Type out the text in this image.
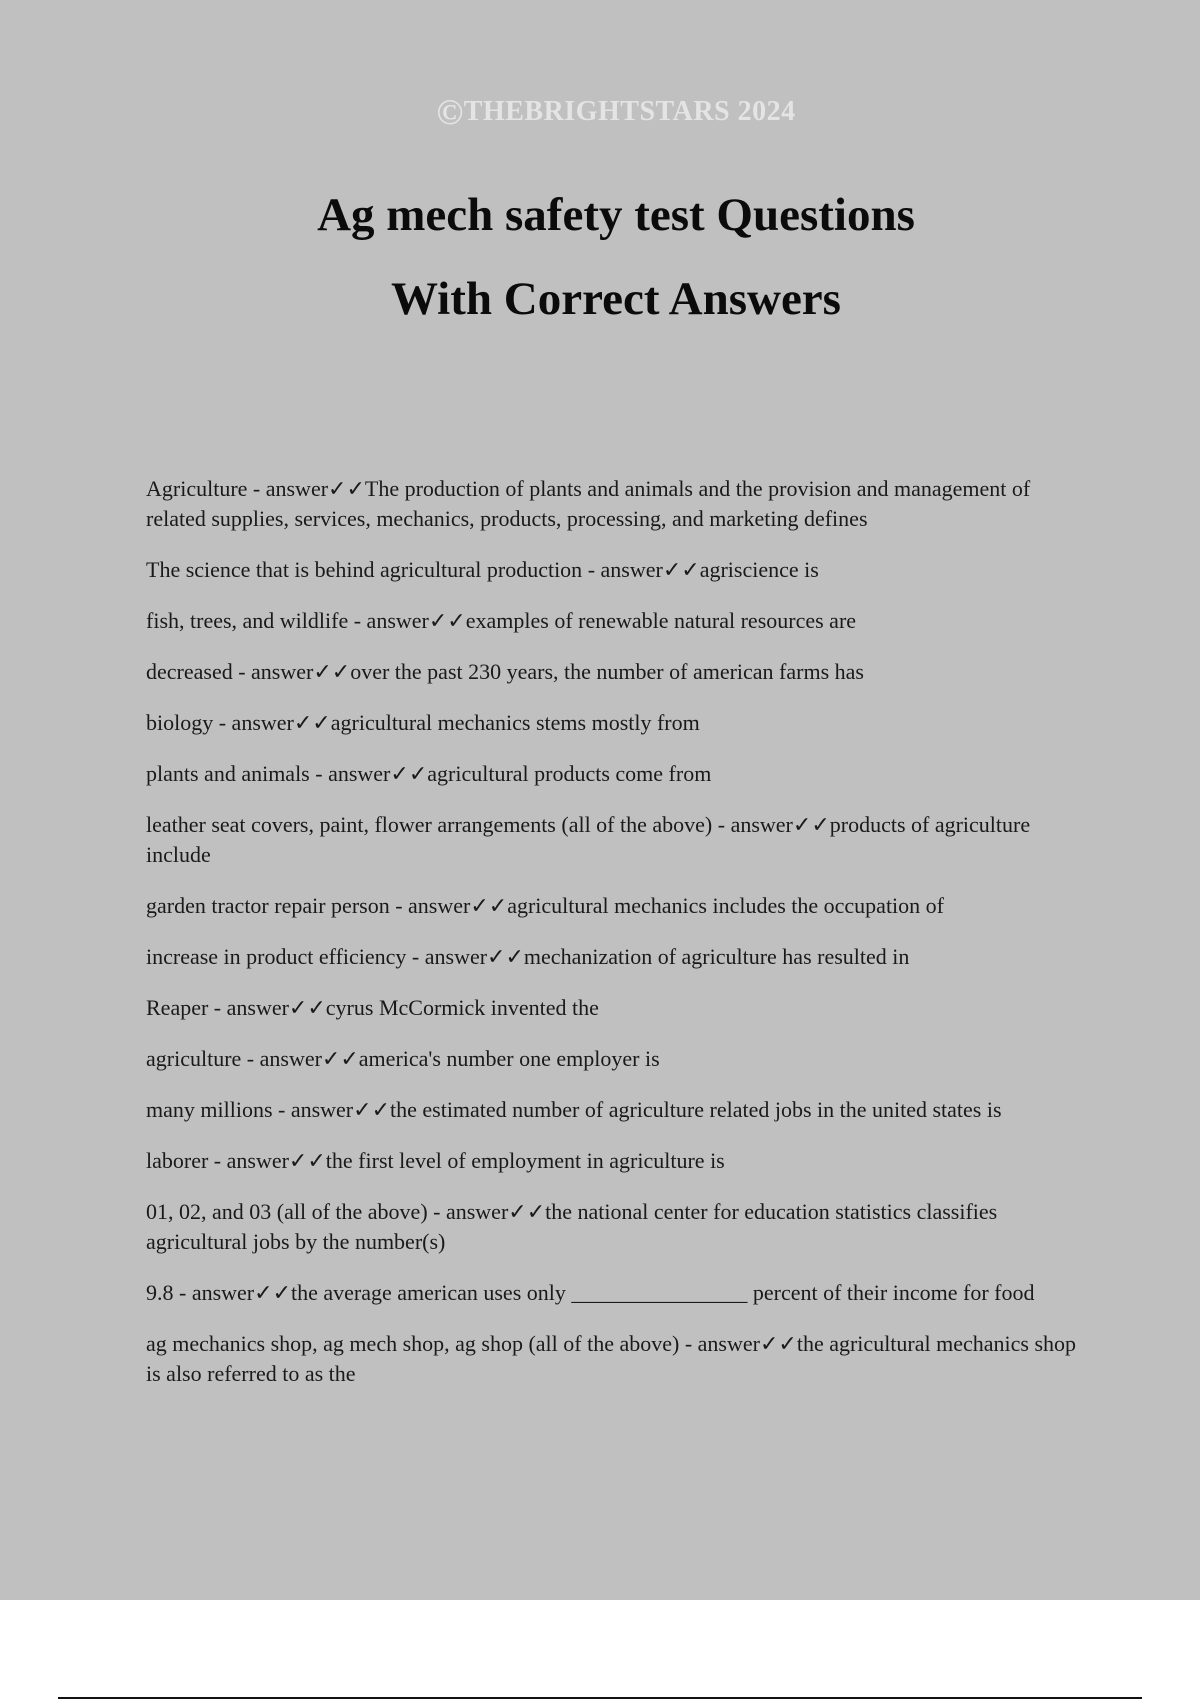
©THEBRIGHTSTARS 2024
Ag mech safety test Questions
With Correct Answers
Agriculture - answer✓✓The production of plants and animals and the provision and management of related supplies, services, mechanics, products, processing, and marketing defines
The science that is behind agricultural production - answer✓✓agriscience is
fish, trees, and wildlife - answer✓✓examples of renewable natural resources are
decreased - answer✓✓over the past 230 years, the number of american farms has
biology - answer✓✓agricultural mechanics stems mostly from
plants and animals - answer✓✓agricultural products come from
leather seat covers, paint, flower arrangements (all of the above) - answer✓✓products of agriculture include
garden tractor repair person - answer✓✓agricultural mechanics includes the occupation of
increase in product efficiency - answer✓✓mechanization of agriculture has resulted in
Reaper - answer✓✓cyrus McCormick invented the
agriculture - answer✓✓america's number one employer is
many millions - answer✓✓the estimated number of agriculture related jobs in the united states is
laborer - answer✓✓the first level of employment in agriculture is
01, 02, and 03 (all of the above) - answer✓✓the national center for education statistics classifies agricultural jobs by the number(s)
9.8 - answer✓✓the average american uses only ________________ percent of their income for food
ag mechanics shop, ag mech shop, ag shop (all of the above) - answer✓✓the agricultural mechanics shop is also referred to as the
